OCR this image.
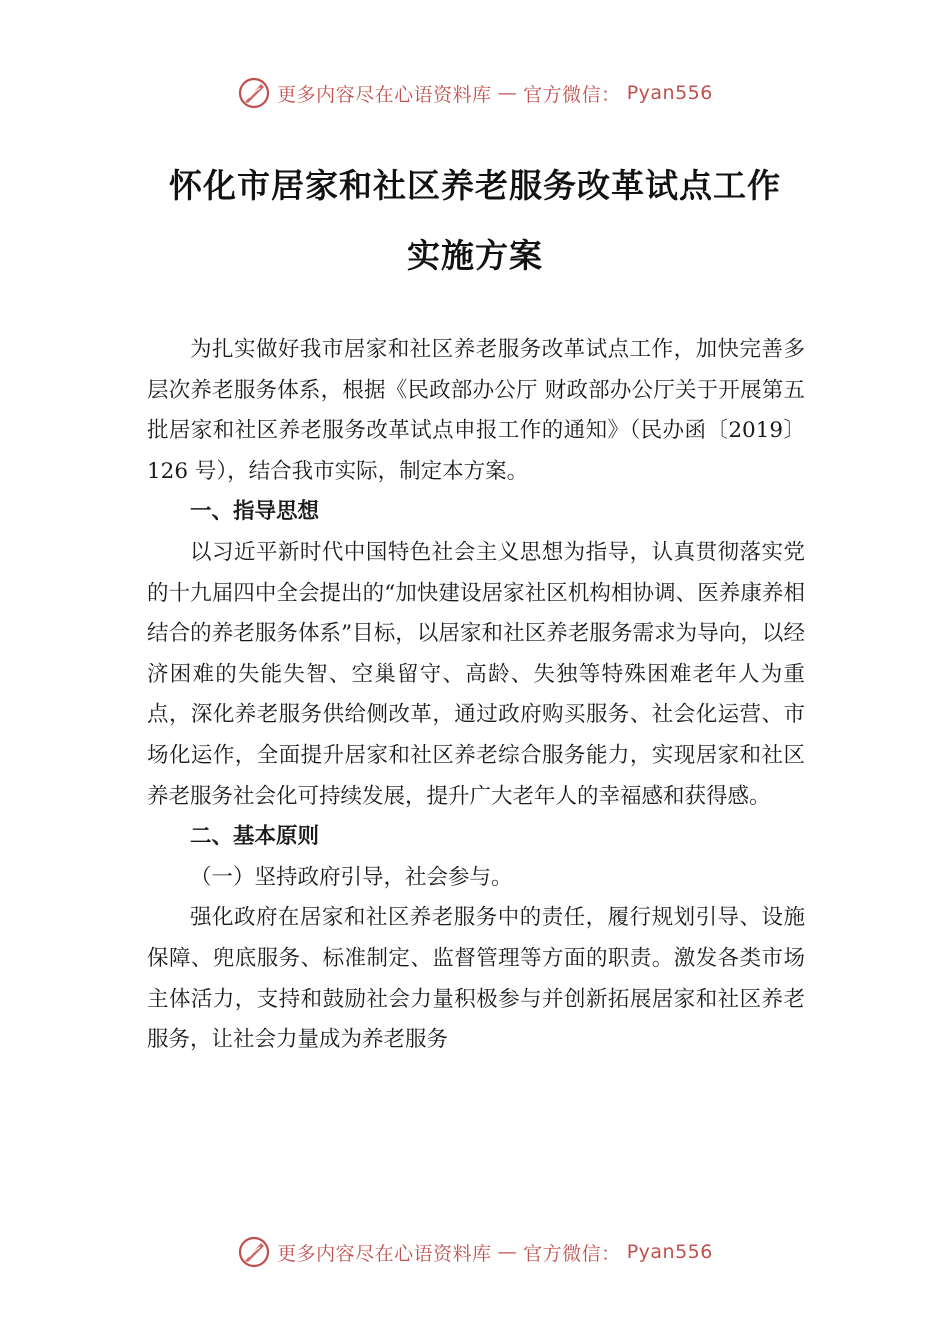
更多内容尽在心语资料库 — 官方微信： Pyan556
怀化市居家和社区养老服务改革试点工作
实施方案

为扎实做好我市居家和社区养老服务改革试点工作，加快完善多层次养老服务体系，根据《民政部办公厅 财政部办公厅关于开展第五批居家和社区养老服务改革试点申报工作的通知》（民办函〔2019〕126 号），结合我市实际，制定本方案。

一、指导思想

以习近平新时代中国特色社会主义思想为指导，认真贯彻落实党的十九届四中全会提出的“加快建设居家社区机构相协调、医养康养相结合的养老服务体系”目标，以居家和社区养老服务需求为导向，以经济困难的失能失智、空巢留守、高龄、失独等特殊困难老年人为重点，深化养老服务供给侧改革，通过政府购买服务、社会化运营、市场化运作，全面提升居家和社区养老综合服务能力，实现居家和社区养老服务社会化可持续发展，提升广大老年人的幸福感和获得感。

二、基本原则

（一）坚持政府引导，社会参与。

强化政府在居家和社区养老服务中的责任，履行规划引导、设施保障、兜底服务、标准制定、监督管理等方面的职责。激发各类市场主体活力，支持和鼓励社会力量积极参与并创新拓展居家和社区养老服务，让社会力量成为养老服务

更多内容尽在心语资料库 — 官方微信： Pyan556
